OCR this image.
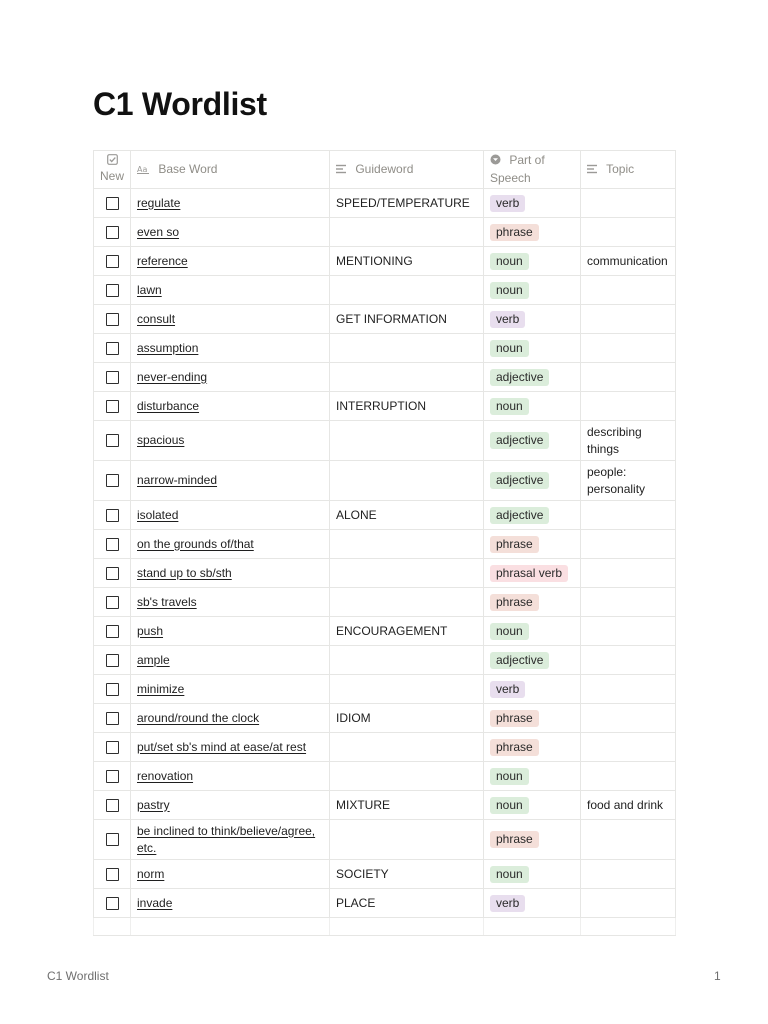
C1 Wordlist
New	Aa Base Word	Guideword	Part of Speech	Topic
	regulate	SPEED/TEMPERATURE	verb	
	even so		phrase	
	reference	MENTIONING	noun	communication
	lawn		noun	
	consult	GET INFORMATION	verb	
	assumption		noun	
	never-ending		adjective	
	disturbance	INTERRUPTION	noun	
	spacious		adjective	describing things
	narrow-minded		adjective	people: personality
	isolated	ALONE	adjective	
	on the grounds of/that		phrase	
	stand up to sb/sth		phrasal verb	
	sb's travels		phrase	
	push	ENCOURAGEMENT	noun	
	ample		adjective	
	minimize		verb	
	around/round the clock	IDIOM	phrase	
	put/set sb's mind at ease/at rest		phrase	
	renovation		noun	
	pastry	MIXTURE	noun	food and drink
	be inclined to think/believe/agree, etc.		phrase	
	norm	SOCIETY	noun	
	invade	PLACE	verb	

C1 Wordlist	1
